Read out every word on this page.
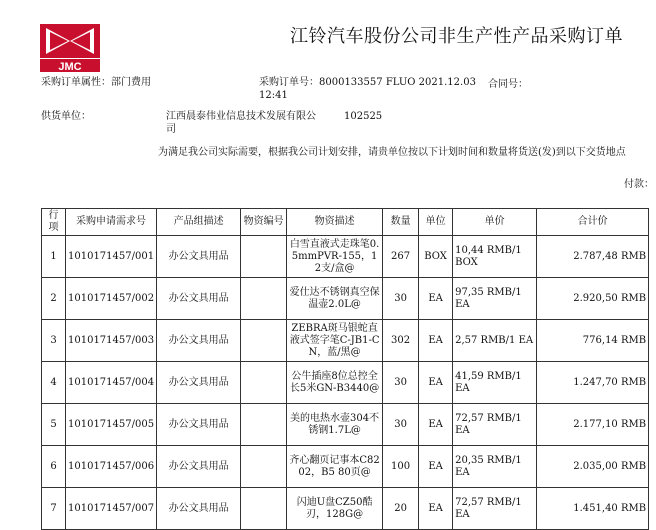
JMC
江铃汽车股份公司非生产性产品采购订单
采购订单属性：部门费用	采购订单号：8000133557 FLUO 2021.12.03
12:41
合同号：
供货单位：	江西晨泰伟业信息技术发展有限公
司
102525
为满足我公司实际需要，根据我公司计划安排，请贵单位按以下计划时间和数量将货送(发)到以下交货地点
付款：
行项	采购申请需求号	产品组描述	物资编号	物资描述	数量	单位	单价	合计价
1	1010171457/001	办公文具用品		白雪直液式走珠笔0.5mmPVR-155，12支/盒@	267	BOX	10,44 RMB/1 BOX	2.787,48 RMB
2	1010171457/002	办公文具用品		爱仕达不锈钢真空保温壶2.0L@	30	EA	97,35 RMB/1 EA	2.920,50 RMB
3	1010171457/003	办公文具用品		ZEBRA斑马银蛇直液式签字笔C-JB1-CN，蓝/黑@	302	EA	2,57 RMB/1 EA	776,14 RMB
4	1010171457/004	办公文具用品		公牛插座8位总控全长5米GN-B3440@	30	EA	41,59 RMB/1 EA	1.247,70 RMB
5	1010171457/005	办公文具用品		美的电热水壶304不锈钢1.7L@	30	EA	72,57 RMB/1 EA	2.177,10 RMB
6	1010171457/006	办公文具用品		齐心翻页记事本C8202，B5 80页@	100	EA	20,35 RMB/1 EA	2.035,00 RMB
7	1010171457/007	办公文具用品		闪迪U盘CZ50酷刃，128G@	20	EA	72,57 RMB/1 EA	1.451,40 RMB
